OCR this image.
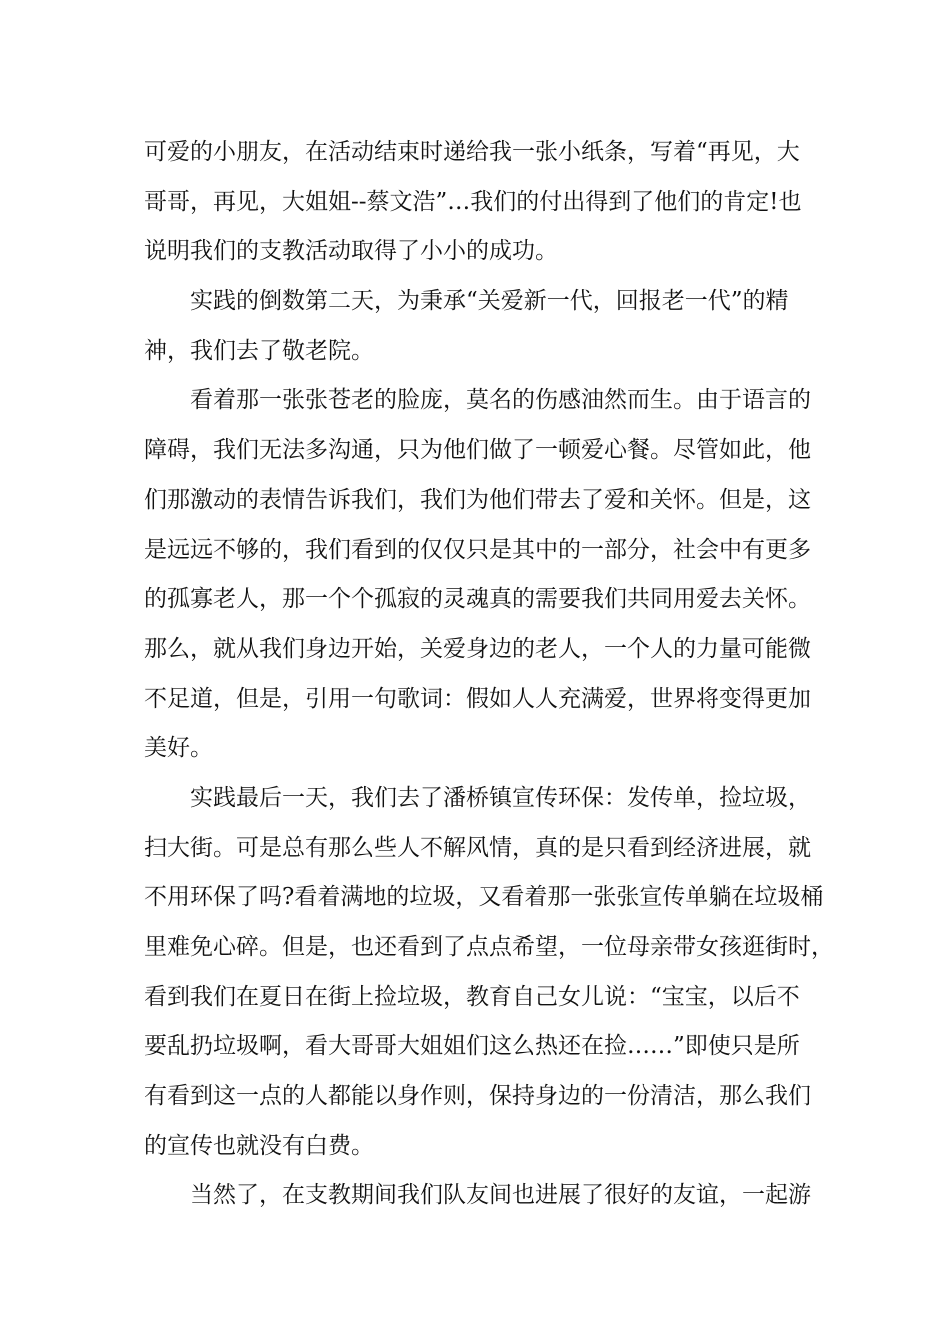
可爱的小朋友，在活动结束时递给我一张小纸条，写着“再见，大
哥哥，再见，大姐姐--蔡文浩”…我们的付出得到了他们的肯定!也
说明我们的支教活动取得了小小的成功。
实践的倒数第二天，为秉承“关爱新一代，回报老一代”的精
神，我们去了敬老院。
看着那一张张苍老的脸庞，莫名的伤感油然而生。由于语言的
障碍，我们无法多沟通，只为他们做了一顿爱心餐。尽管如此，他
们那激动的表情告诉我们，我们为他们带去了爱和关怀。但是，这
是远远不够的，我们看到的仅仅只是其中的一部分，社会中有更多
的孤寡老人，那一个个孤寂的灵魂真的需要我们共同用爱去关怀。
那么，就从我们身边开始，关爱身边的老人，一个人的力量可能微
不足道，但是，引用一句歌词：假如人人充满爱，世界将变得更加
美好。
实践最后一天，我们去了潘桥镇宣传环保：发传单，捡垃圾，
扫大街。可是总有那么些人不解风情，真的是只看到经济进展，就
不用环保了吗?看着满地的垃圾，又看着那一张张宣传单躺在垃圾桶
里难免心碎。但是，也还看到了点点希望，一位母亲带女孩逛街时，
看到我们在夏日在街上捡垃圾，教育自己女儿说：“宝宝，以后不
要乱扔垃圾啊，看大哥哥大姐姐们这么热还在捡……”即使只是所
有看到这一点的人都能以身作则，保持身边的一份清洁，那么我们
的宣传也就没有白费。
当然了，在支教期间我们队友间也进展了很好的友谊，一起游
